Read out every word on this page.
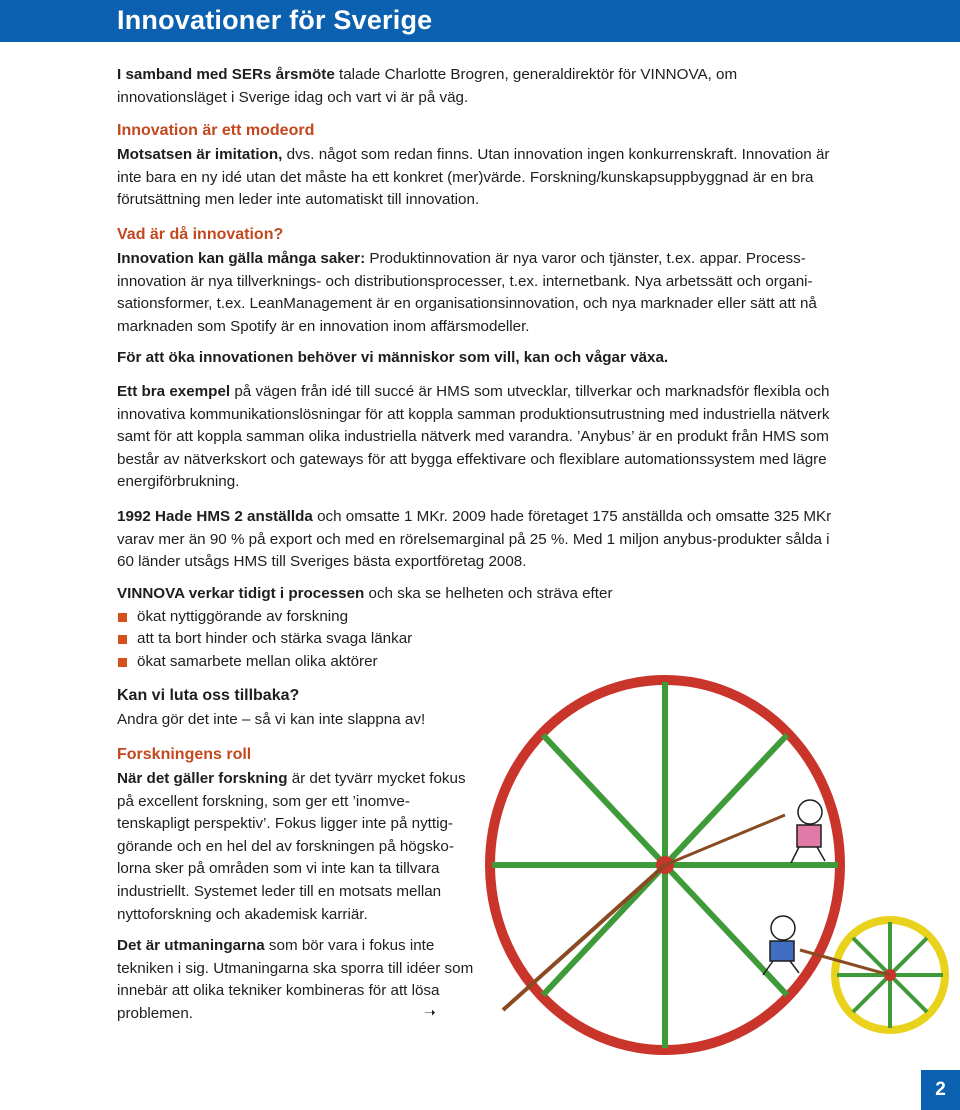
Innovationer för Sverige
I samband med SERs årsmöte talade Charlotte Brogren, generaldirektör för VINNOVA, om innovationsläget i Sverige idag och vart vi är på väg.
Innovation är ett modeord
Motsatsen är imitation, dvs. något som redan finns. Utan innovation ingen konkurrenskraft. Innovation är inte bara en ny idé utan det måste ha ett konkret (mer)värde. Forskning/kunskapsuppbyggnad är en bra förutsättning men leder inte automatiskt till innovation.
Vad är då innovation?
Innovation kan gälla många saker: Produktinnovation är nya varor och tjänster, t.ex. appar. Process-innovation är nya tillverknings- och distributionsprocesser, t.ex. internetbank. Nya arbetssätt och organi-sationsformer, t.ex. LeanManagement är en organisationsinnovation, och nya marknader eller sätt att nå marknaden som Spotify är en innovation inom affärsmodeller.
För att öka innovationen behöver vi människor som vill, kan och vågar växa.
Ett bra exempel på vägen från idé till succé är HMS som utvecklar, tillverkar och marknadsför flexibla och innovativa kommunikationslösningar för att koppla samman produktionsutrustning med industriella nätverk samt för att koppla samman olika industriella nätverk med varandra. ’Anybus’ är en produkt från HMS som består av nätverkskort och gateways för att bygga effektivare och flexiblare automationssystem med lägre energiförbrukning.
1992 Hade HMS 2 anställda och omsatte 1 MKr. 2009 hade företaget 175 anställda och omsatte 325 MKr varav mer än 90 % på export och med en rörelsemarginal på 25 %. Med 1 miljon anybus-produkter sålda i 60 länder utsågs HMS till Sveriges bästa exportföretag 2008.
VINNOVA verkar tidigt i processen och ska se helheten och sträva efter
ökat nyttiggörande av forskning
att ta bort hinder och stärka svaga länkar
ökat samarbete mellan olika aktörer
Kan vi luta oss tillbaka?
Andra gör det inte – så vi kan inte slappna av!
Forskningens roll
När det gäller forskning är det tyvärr mycket fokus på excellent forskning, som ger ett ’inomve-tenskapligt perspektiv’. Fokus ligger inte på nyttig-görande och en hel del av forskningen på högsko-lorna sker på områden som vi inte kan ta tillvara industriellt. Systemet leder till en motsats mellan nyttoforskning och akademisk karriär.
Det är utmaningarna som bör vara i fokus inte tekniken i sig. Utmaningarna ska sporra till idéer som innebär att olika tekniker kombineras för att lösa problemen.	➝
2
